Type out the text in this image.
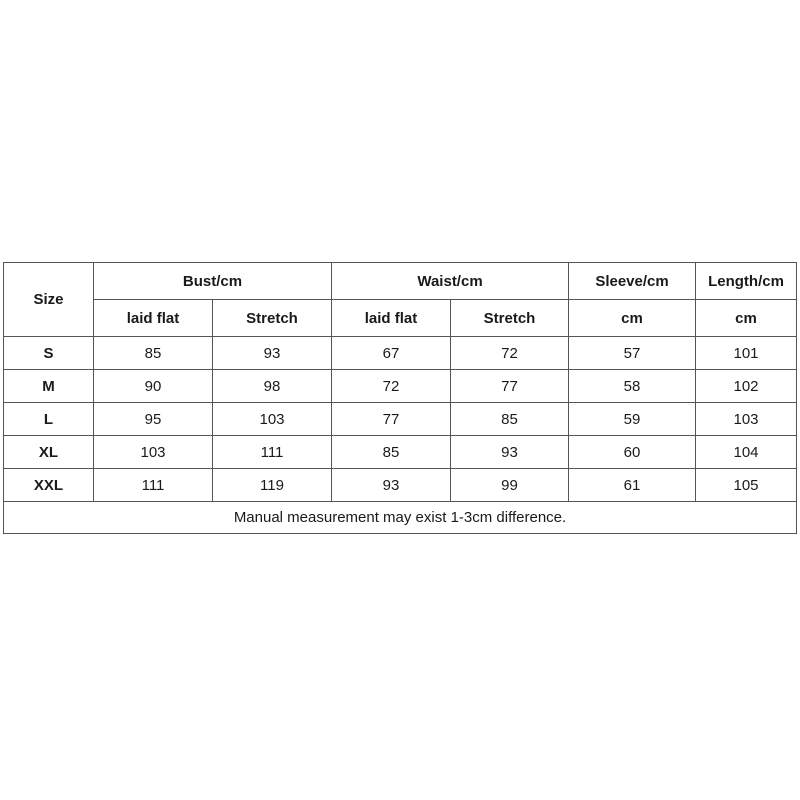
Size	Bust/cm		Waist/cm		Sleeve/cm	Length/cm
	laid flat	Stretch	laid flat	Stretch	cm	cm
S	85	93	67	72	57	101
M	90	98	72	77	58	102
L	95	103	77	85	59	103
XL	103	111	85	93	60	104
XXL	111	119	93	99	61	105
Manual measurement may exist 1-3cm difference.						
